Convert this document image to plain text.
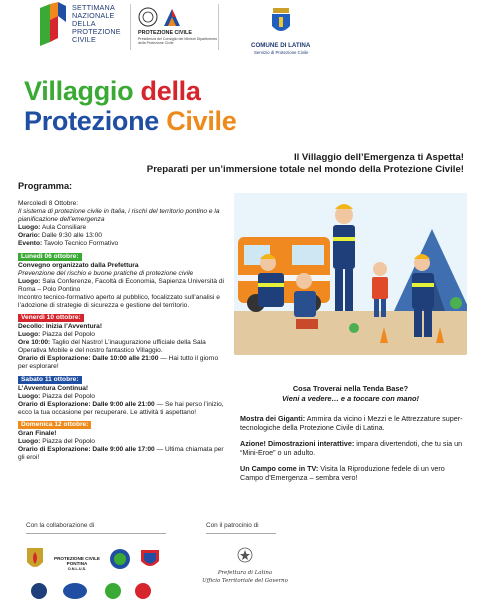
SETTIMANA
NAZIONALE
DELLA
PROTEZIONE
CIVILE
PROTEZIONE CIVILE
Presidenza del Consiglio dei Ministri Dipartimento della Protezione Civile	COMUNE DI LATINA
Servizio di Protezione Civile
Villaggio della
Protezione Civile
Il Villaggio dell’Emergenza ti Aspetta!
Preparati per un’immersione totale nel mondo della Protezione Civile!
Programma:
Mercoledì 8 Ottobre:
Il sistema di protezione civile in Italia, i rischi del territorio pontino e la pianificazione dell’emergenza
Luogo: Aula Consiliare
Orario: Dalle 9:30 alle 13:00
Evento: Tavolo Tecnico Formativo
Lunedì 06 ottobre:
Convegno organizzato dalla Prefettura
Prevenzione del rischio e buone pratiche di protezione civile
Luogo: Sala Conferenze, Facoltà di Economia, Sapienza Università di Roma – Polo Pontino
Incontro tecnico-formativo aperto al pubblico, focalizzato sull’analisi e l’adozione di strategie di sicurezza e gestione del territorio.
Venerdì 10 ottobre:
Decollo: Inizia l’Avventura!
Luogo: Piazza del Popolo
Ore 10:00: Taglio del Nastro! L’inaugurazione ufficiale della Sala Operativa Mobile e del nostro fantastico Villaggio.
Orario di Esplorazione: Dalle 10:00 alle 21:00 — Hai tutto il giorno per esplorare!
Sabato 11 ottobre:
L’Avventura Continua!
Luogo: Piazza del Popolo
Orario di Esplorazione: Dalle 9:00 alle 21:00 — Se hai perso l’inizio, ecco la tua occasione per recuperare. Le attività ti aspettano!
Domenica 12 ottobre:
Gran Finale!
Luogo: Piazza del Popolo
Orario di Esplorazione: Dalle 9:00 alle 17:00 — Ultima chiamata per gli eroi!
Cosa Troverai nella Tenda Base?
Vieni a vedere… e a toccare con mano!

Mostra dei Giganti: Ammira da vicino i Mezzi e le Attrezzature super-tecnologiche della Protezione Civile di Latina.

Azione! Dimostrazioni interattive: impara divertendoti, che tu sia un “Mini-Eroe” o un adulto.

Un Campo come in TV: Visita la Riproduzione fedele di un vero Campo d’Emergenza – sembra vero!

Con la collaborazione di	Con il patrocinio di
PROTEZIONE CIVILE
PONTINA
O.N.L.U.S.
Prefettura di Latina
Ufficio Territoriale del Governo
